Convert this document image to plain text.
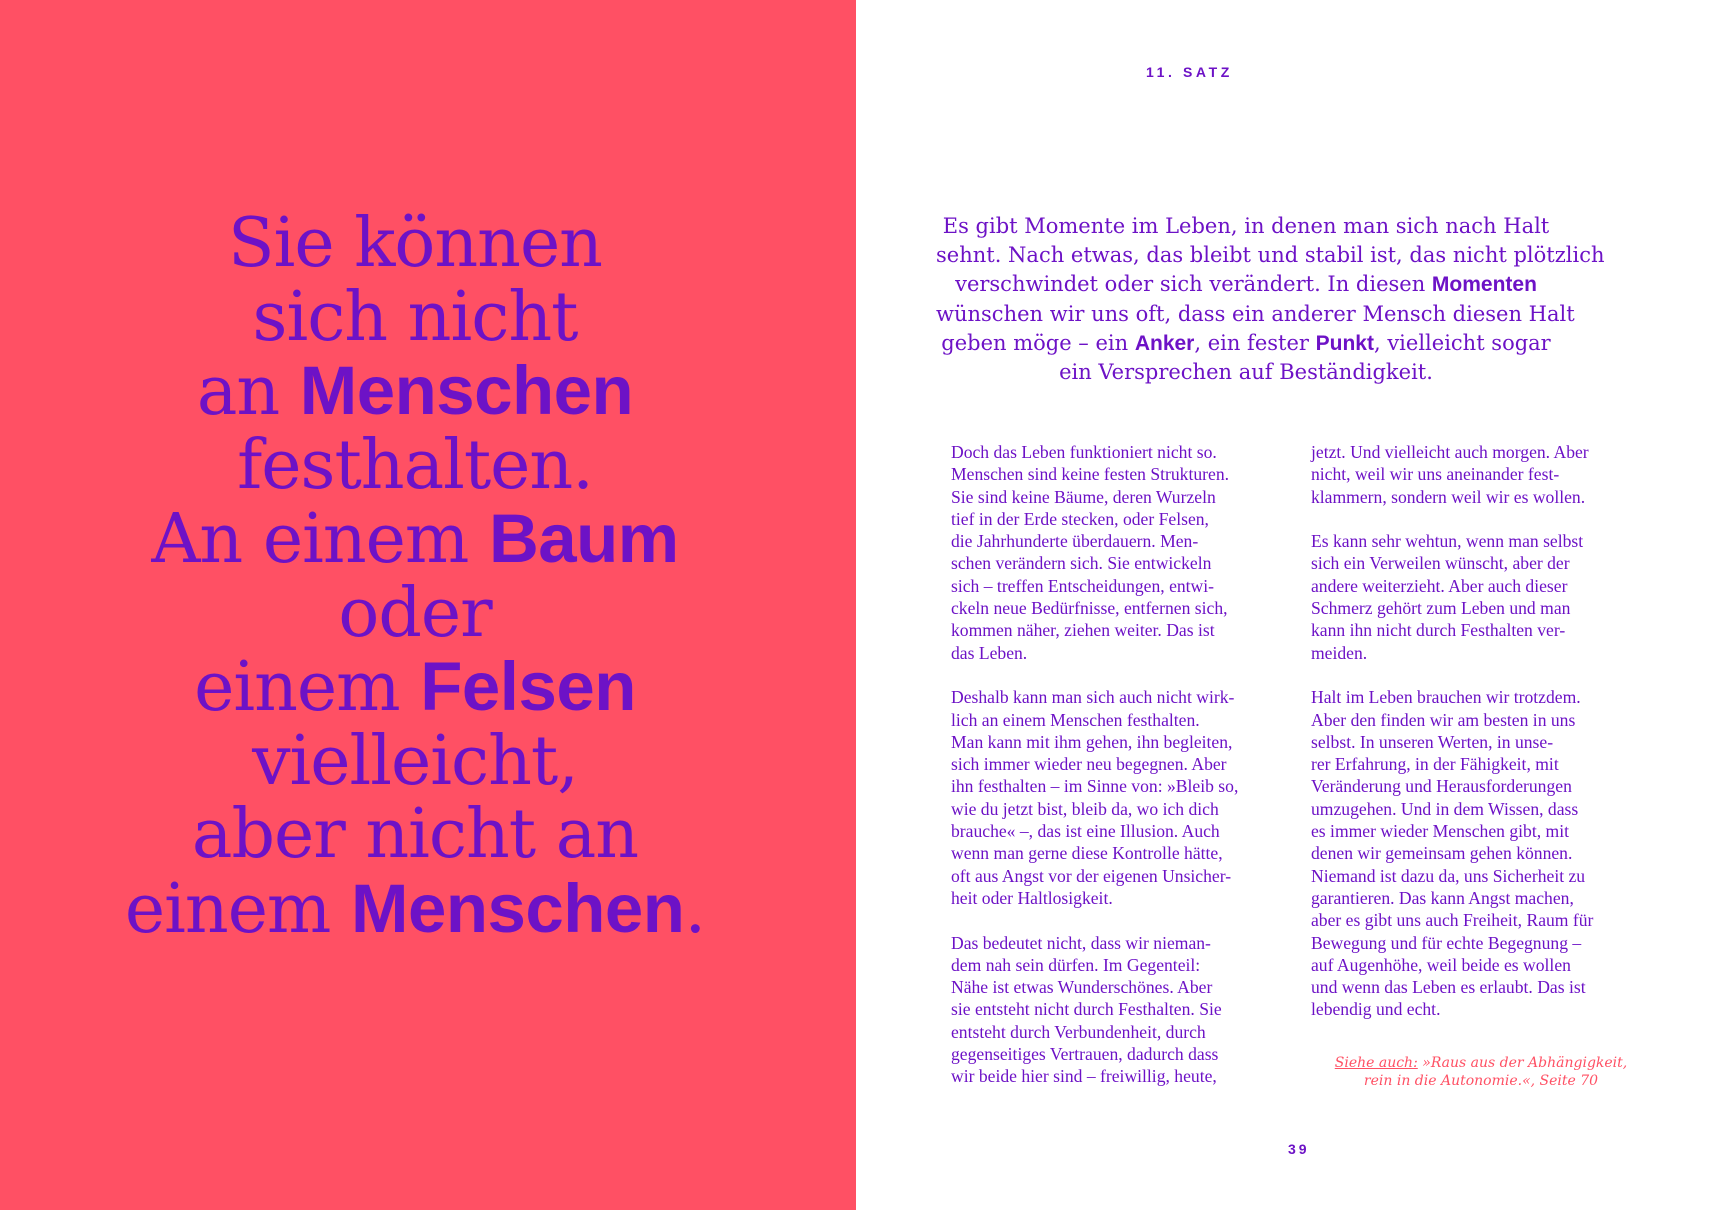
Sie können
sich nicht
an Menschen
festhalten.
An einem Baum
oder
einem Felsen
vielleicht,
aber nicht an
einem Menschen.
11. SATZ
Es gibt Momente im Leben, in denen man sich nach Halt
sehnt. Nach etwas, das bleibt und stabil ist, das nicht plötzlich
verschwindet oder sich verändert. In diesen Momenten
wünschen wir uns oft, dass ein anderer Mensch diesen Halt
geben möge – ein Anker, ein fester Punkt, vielleicht sogar
ein Versprechen auf Beständigkeit.
Doch das Leben funktioniert nicht so.
Menschen sind keine festen Strukturen.
Sie sind keine Bäume, deren Wurzeln
tief in der Erde stecken, oder Felsen,
die Jahrhunderte überdauern. Men-
schen verändern sich. Sie entwickeln
sich – treffen Entscheidungen, entwi-
ckeln neue Bedürfnisse, entfernen sich,
kommen näher, ziehen weiter. Das ist
das Leben.
Deshalb kann man sich auch nicht wirk-
lich an einem Menschen festhalten.
Man kann mit ihm gehen, ihn begleiten,
sich immer wieder neu begegnen. Aber
ihn festhalten – im Sinne von: »Bleib so,
wie du jetzt bist, bleib da, wo ich dich
brauche« –, das ist eine Illusion. Auch
wenn man gerne diese Kontrolle hätte,
oft aus Angst vor der eigenen Unsicher-
heit oder Haltlosigkeit.
Das bedeutet nicht, dass wir nieman-
dem nah sein dürfen. Im Gegenteil:
Nähe ist etwas Wunderschönes. Aber
sie entsteht nicht durch Festhalten. Sie
entsteht durch Verbundenheit, durch
gegenseitiges Vertrauen, dadurch dass
wir beide hier sind – freiwillig, heute,
jetzt. Und vielleicht auch morgen. Aber
nicht, weil wir uns aneinander fest-
klammern, sondern weil wir es wollen.
Es kann sehr wehtun, wenn man selbst
sich ein Verweilen wünscht, aber der
andere weiterzieht. Aber auch dieser
Schmerz gehört zum Leben und man
kann ihn nicht durch Festhalten ver-
meiden.
Halt im Leben brauchen wir trotzdem.
Aber den finden wir am besten in uns
selbst. In unseren Werten, in unse-
rer Erfahrung, in der Fähigkeit, mit
Veränderung und Herausforderungen
umzugehen. Und in dem Wissen, dass
es immer wieder Menschen gibt, mit
denen wir gemeinsam gehen können.
Niemand ist dazu da, uns Sicherheit zu
garantieren. Das kann Angst machen,
aber es gibt uns auch Freiheit, Raum für
Bewegung und für echte Begegnung –
auf Augenhöhe, weil beide es wollen
und wenn das Leben es erlaubt. Das ist
lebendig und echt.
Siehe auch: »Raus aus der Abhängigkeit,
rein in die Autonomie.«, Seite 70
39
